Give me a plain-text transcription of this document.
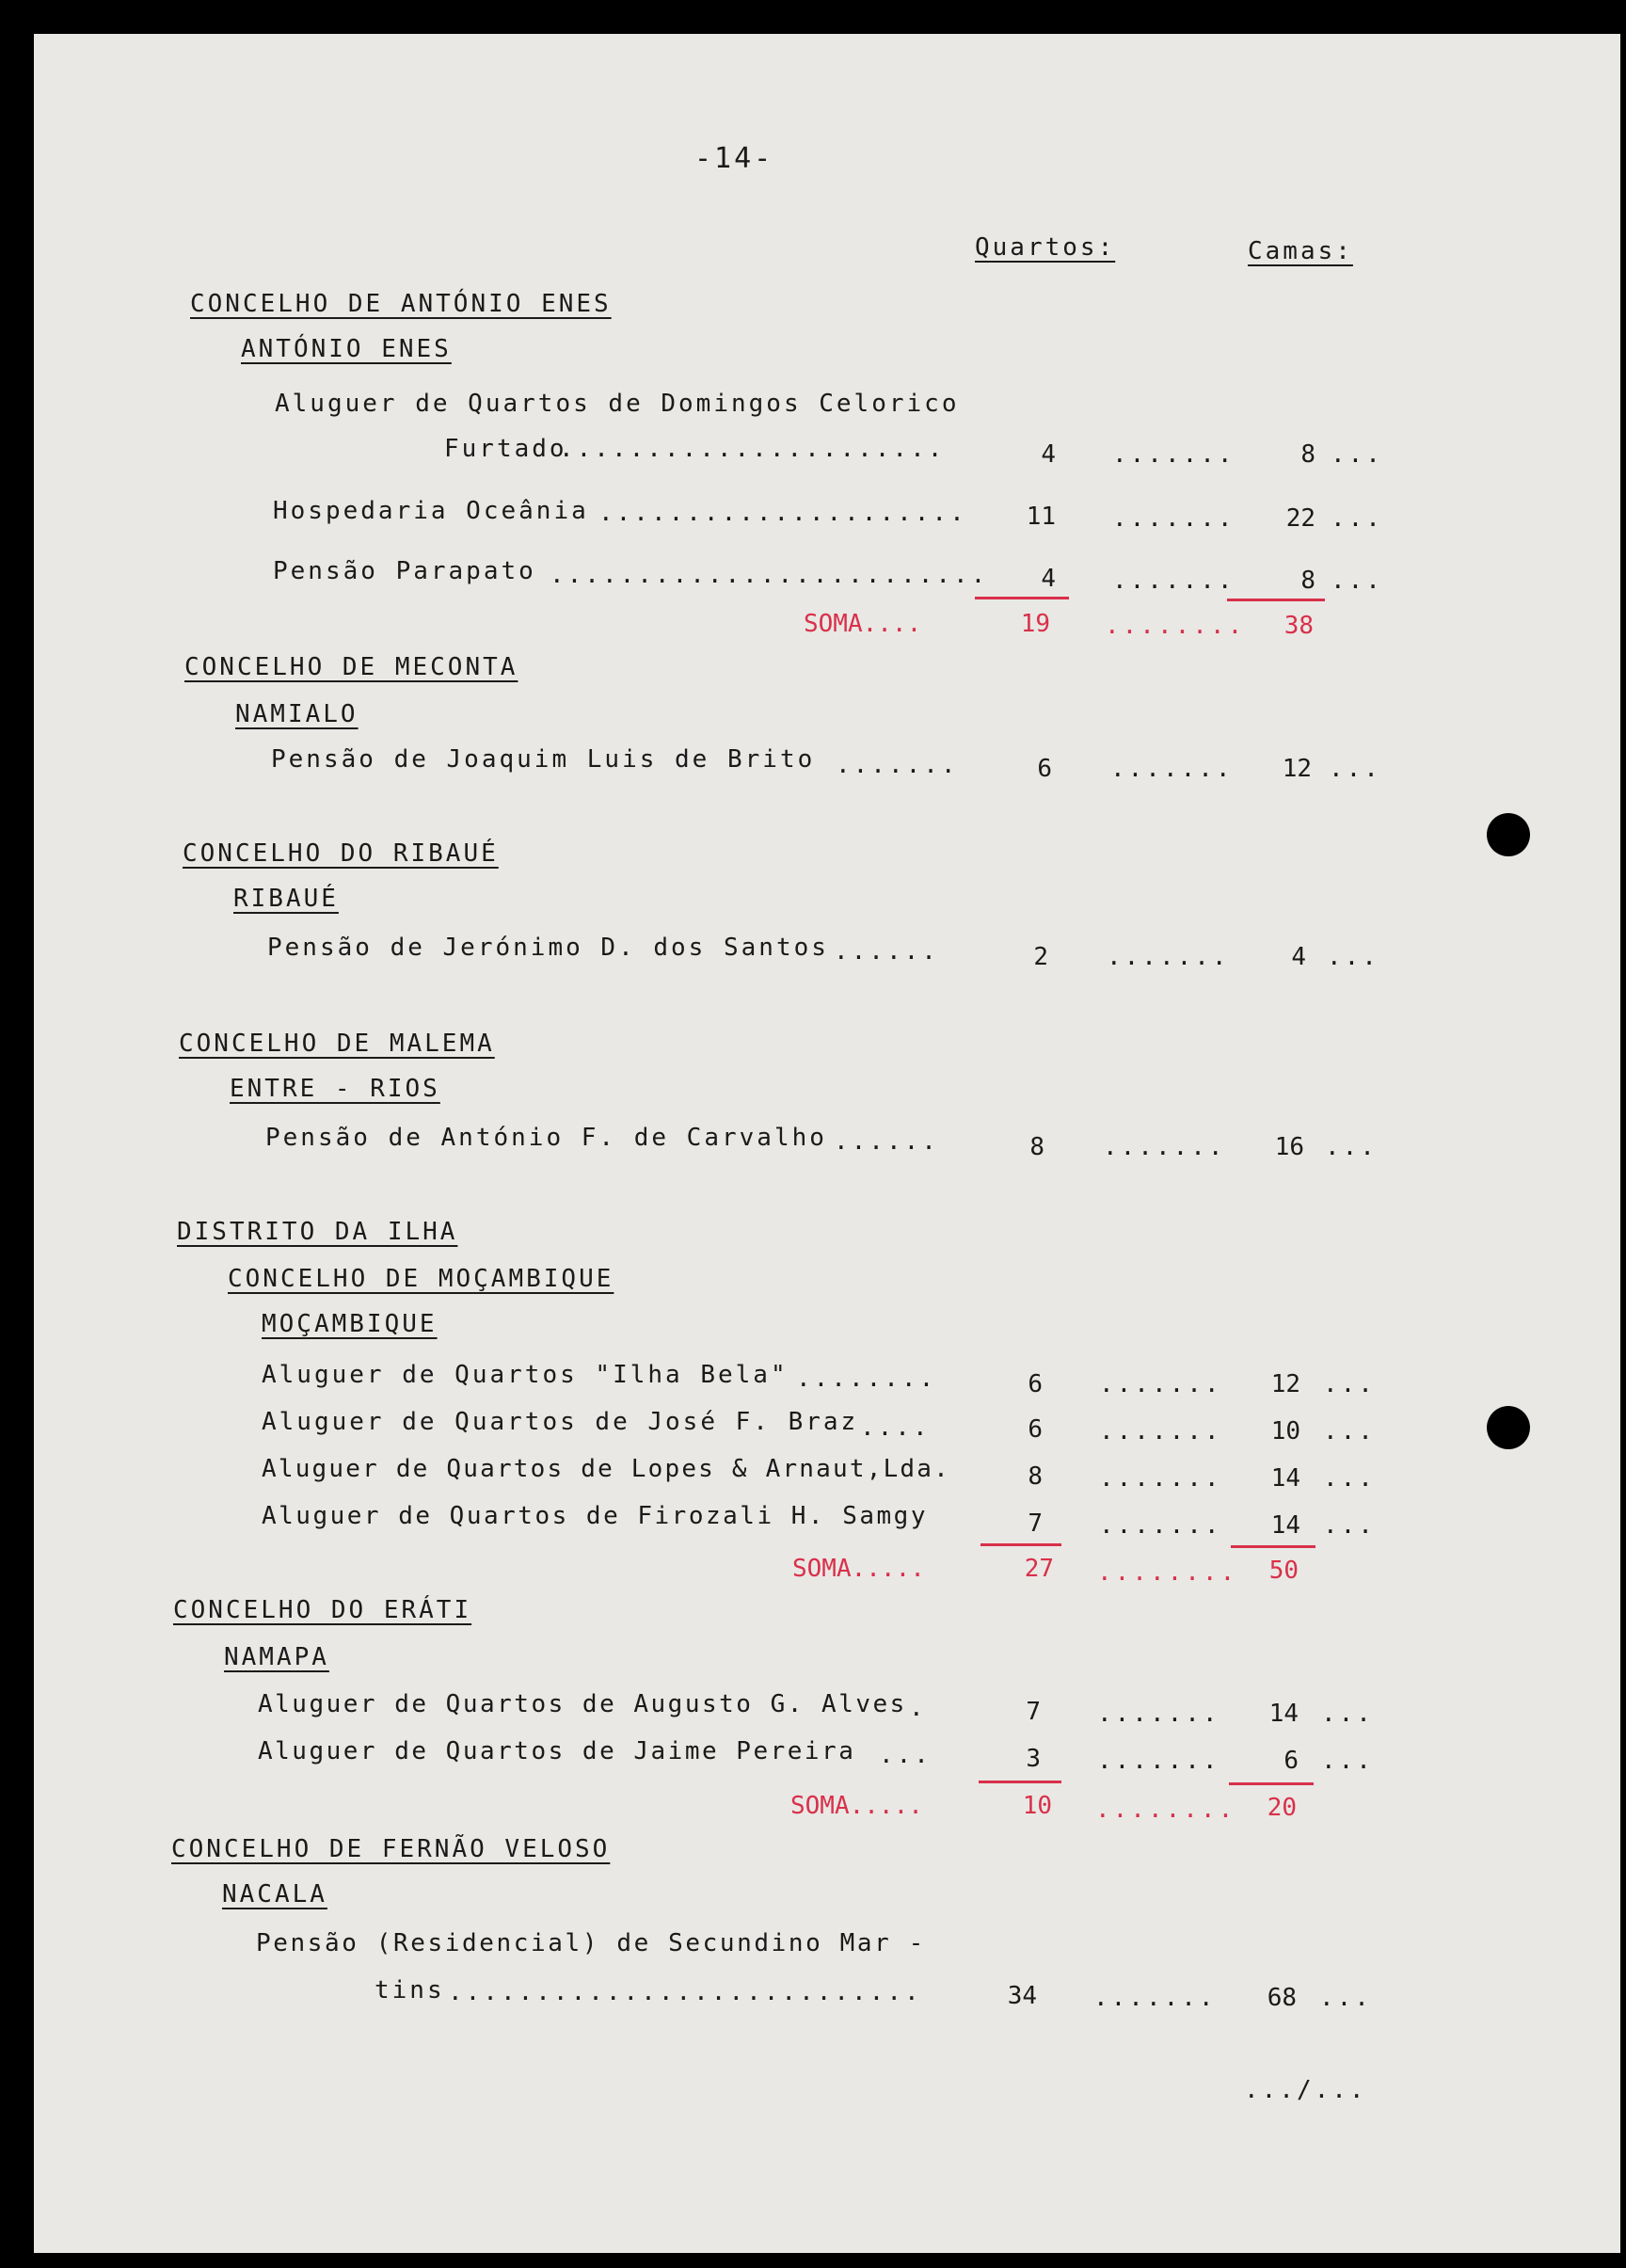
-14-
Quartos:	Camas:
CONCELHO DE ANTÓNIO ENES
ANTÓNIO ENES
Aluguer de Quartos de Domingos Celorico
Furtado
......................	4 .......	8 ...
Hospedaria Oceânia .....................	11 .......	22 ...
Pensão Parapato .........................	4 .......	8 ...
SOMA....	19 ........	38
CONCELHO DE MECONTA
NAMIALO
Pensão de Joaquim Luis de Brito .......	6 .......	12 ...
CONCELHO DO RIBAUÉ
RIBAUÉ
Pensão de Jerónimo D. dos Santos ......	2 .......	4 ...
CONCELHO DE MALEMA
ENTRE - RIOS
Pensão de António F. de Carvalho ......	8 .......	16 ...
DISTRITO DA ILHA
CONCELHO DE MOÇAMBIQUE
MOÇAMBIQUE
Aluguer de Quartos "Ilha Bela" ........	6 .......	12 ...
Aluguer de Quartos de José F. Braz ....	6 .......	10 ...
Aluguer de Quartos de Lopes & Arnaut,Lda.	8 .......	14 ...
Aluguer de Quartos de Firozali H. Samgy	7 .......	14 ...
SOMA.....	27 ........	50
CONCELHO DO ERÁTI
NAMAPA
Aluguer de Quartos de Augusto G. Alves .	7 .......	14 ...
Aluguer de Quartos de Jaime Pereira ...	3 .......	6 ...
SOMA.....	10 ........	20
CONCELHO DE FERNÃO VELOSO
NACALA
Pensão (Residencial) de Secundino Mar -
tins ...........................	34 .......	68 ...
.../...
